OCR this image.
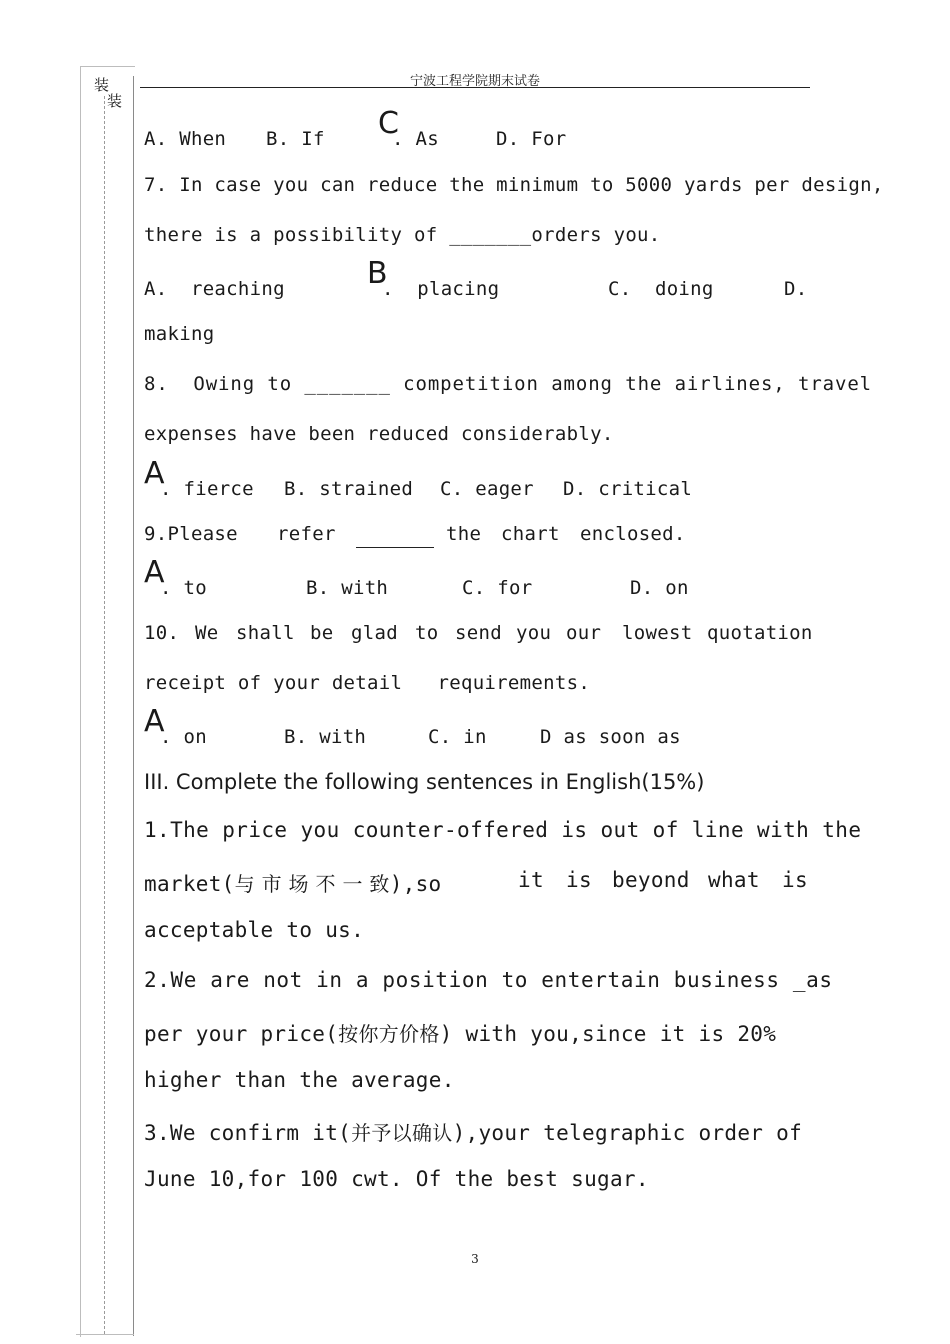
装
装
宁波工程学院期末试卷
A. When B. If C
. As	D. For
7. In case you can reduce the minimum to 5000 yards per design,
there is a possibility of _______orders you.
A.  reaching	B
.  placing	C.  doing	D.
making
8.  Owing to _______ competition among the airlines, travel
expenses have been reduced considerably.
A
. fierce B. strained C. eager D. critical
9.Please refer	the chart enclosed.
A
. to	B. with	C. for	D. on
10. We shall be glad to send you our lowest quotation
receipt of your detail   requirements.
A
. on	B. with	C. in	D as soon as
III. Complete the following sentences in English(15%)
1.The price you counter-offered is out of line with the
market(与 市 场 不 一 致),so	it is beyond what is
acceptable to us.
2.We are not in a position to entertain business _as
per your price(按你方价格) with you,since it is 20%
higher than the average.
3.We confirm it(并予以确认),your telegraphic order of
June 10,for 100 cwt. Of the best sugar.
3
